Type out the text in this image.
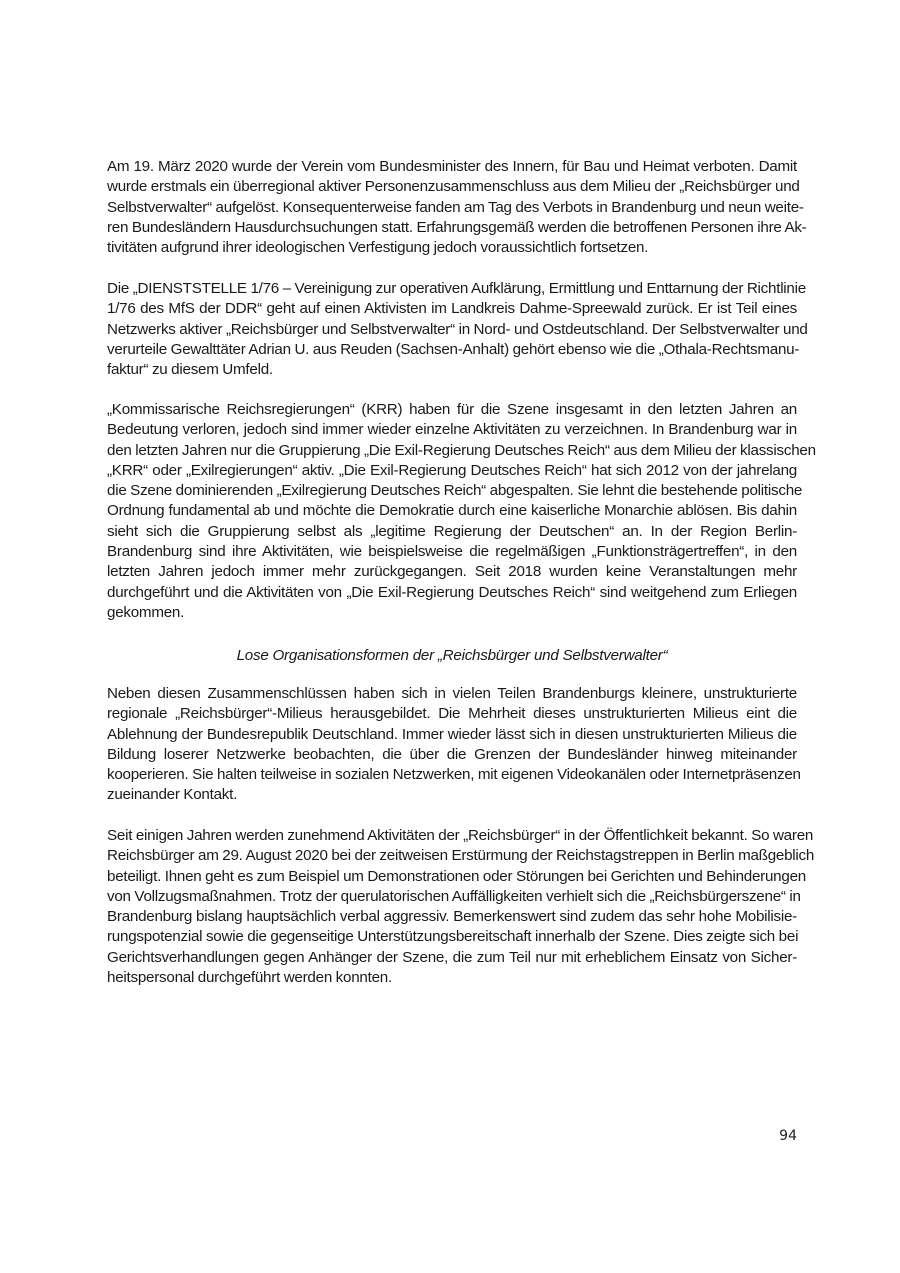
Am 19. März 2020 wurde der Verein vom Bundesminister des Innern, für Bau und Heimat verboten. Damit
wurde erstmals ein überregional aktiver Personenzusammenschluss aus dem Milieu der „Reichsbürger und
Selbstverwalter“ aufgelöst. Konsequenterweise fanden am Tag des Verbots in Brandenburg und neun weite-
ren Bundesländern Hausdurchsuchungen statt. Erfahrungsgemäß werden die betroffenen Personen ihre Ak-
tivitäten aufgrund ihrer ideologischen Verfestigung jedoch voraussichtlich fortsetzen.
Die „DIENSTSTELLE 1/76 – Vereinigung zur operativen Aufklärung, Ermittlung und Enttarnung der Richtlinie
1/76 des MfS der DDR“ geht auf einen Aktivisten im Landkreis Dahme-Spreewald zurück. Er ist Teil eines
Netzwerks aktiver „Reichsbürger und Selbstverwalter“ in Nord- und Ostdeutschland. Der Selbstverwalter und
verurteile Gewalttäter Adrian U. aus Reuden (Sachsen-Anhalt) gehört ebenso wie die „Othala-Rechtsmanu-
faktur“ zu diesem Umfeld.
„Kommissarische Reichsregierungen“ (KRR) haben für die Szene insgesamt in den letzten Jahren an
Bedeutung verloren, jedoch sind immer wieder einzelne Aktivitäten zu verzeichnen. In Brandenburg war in
den letzten Jahren nur die Gruppierung „Die Exil-Regierung Deutsches Reich“ aus dem Milieu der klassischen
„KRR“ oder „Exilregierungen“ aktiv. „Die Exil-Regierung Deutsches Reich“ hat sich 2012 von der jahrelang
die Szene dominierenden „Exilregierung Deutsches Reich“ abgespalten. Sie lehnt die bestehende politische
Ordnung fundamental ab und möchte die Demokratie durch eine kaiserliche Monarchie ablösen. Bis dahin
sieht sich die Gruppierung selbst als „legitime Regierung der Deutschen“ an. In der Region Berlin-
Brandenburg sind ihre Aktivitäten, wie beispielsweise die regelmäßigen „Funktionsträgertreffen“, in den
letzten Jahren jedoch immer mehr zurückgegangen. Seit 2018 wurden keine Veranstaltungen mehr
durchgeführt und die Aktivitäten von „Die Exil-Regierung Deutsches Reich“ sind weitgehend zum Erliegen
gekommen.
Lose Organisationsformen der „Reichsbürger und Selbstverwalter“
Neben diesen Zusammenschlüssen haben sich in vielen Teilen Brandenburgs kleinere, unstrukturierte
regionale „Reichsbürger“-Milieus herausgebildet. Die Mehrheit dieses unstrukturierten Milieus eint die
Ablehnung der Bundesrepublik Deutschland. Immer wieder lässt sich in diesen unstrukturierten Milieus die
Bildung loserer Netzwerke beobachten, die über die Grenzen der Bundesländer hinweg miteinander
kooperieren. Sie halten teilweise in sozialen Netzwerken, mit eigenen Videokanälen oder Internetpräsenzen
zueinander Kontakt.
Seit einigen Jahren werden zunehmend Aktivitäten der „Reichsbürger“ in der Öffentlichkeit bekannt. So waren
Reichsbürger am 29. August 2020 bei der zeitweisen Erstürmung der Reichstagstreppen in Berlin maßgeblich
beteiligt. Ihnen geht es zum Beispiel um Demonstrationen oder Störungen bei Gerichten und Behinderungen
von Vollzugsmaßnahmen. Trotz der querulatorischen Auffälligkeiten verhielt sich die „Reichsbürgerszene“ in
Brandenburg bislang hauptsächlich verbal aggressiv. Bemerkenswert sind zudem das sehr hohe Mobilisie-
rungspotenzial sowie die gegenseitige Unterstützungsbereitschaft innerhalb der Szene. Dies zeigte sich bei
Gerichtsverhandlungen gegen Anhänger der Szene, die zum Teil nur mit erheblichem Einsatz von Sicher-
heitspersonal durchgeführt werden konnten.
94
